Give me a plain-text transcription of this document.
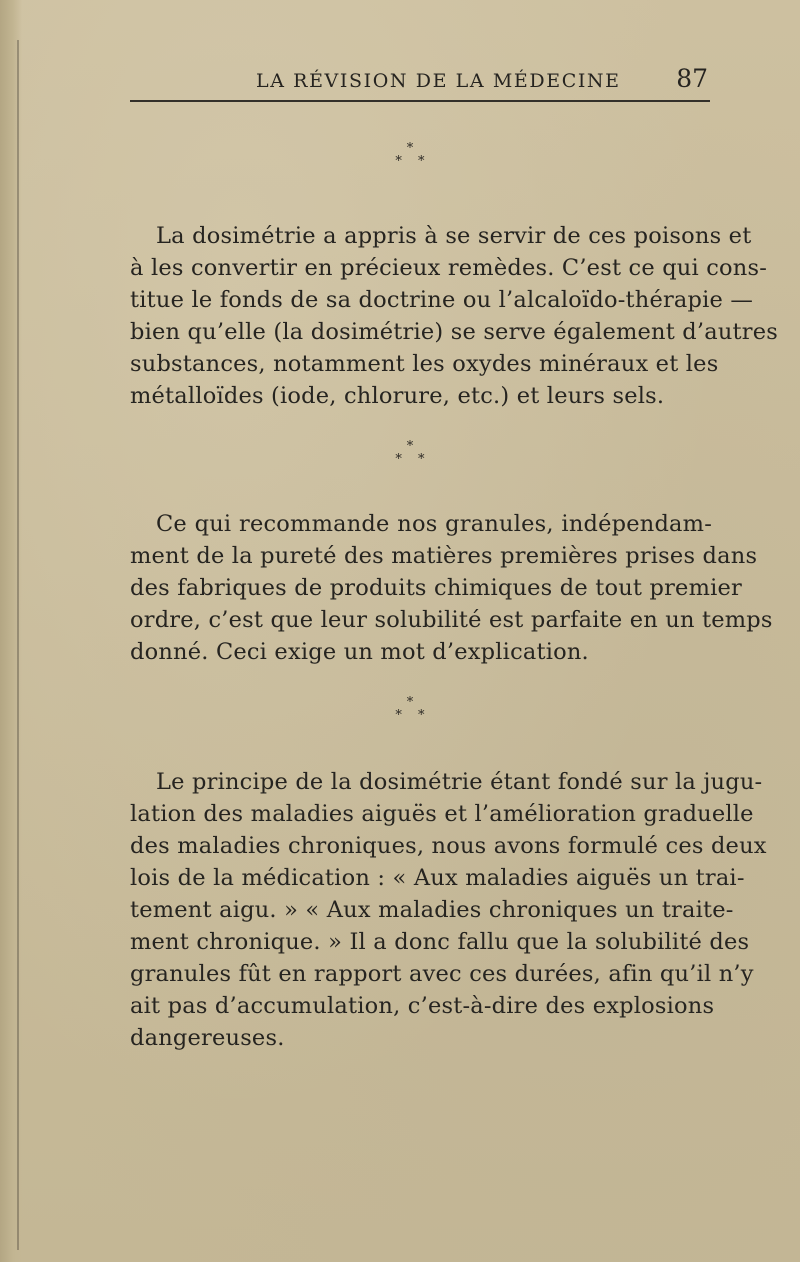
LA RÉVISION DE LA MÉDECINE 87
*
* *
La dosimétrie a appris à se servir de ces poisons et
à les convertir en précieux remèdes. C’est ce qui cons-
titue le fonds de sa doctrine ou l’alcaloïdo-thérapie —
bien qu’elle (la dosimétrie) se serve également d’autres
substances, notamment les oxydes minéraux et les
métalloïdes (iode, chlorure, etc.) et leurs sels.
*
* *
Ce qui recommande nos granules, indépendam-
ment de la pureté des matières premières prises dans
des fabriques de produits chimiques de tout premier
ordre, c’est que leur solubilité est parfaite en un temps
donné. Ceci exige un mot d’explication.
*
* *
Le principe de la dosimétrie étant fondé sur la jugu-
lation des maladies aiguës et l’amélioration graduelle
des maladies chroniques, nous avons formulé ces deux
lois de la médication : « Aux maladies aiguës un trai-
tement aigu. » « Aux maladies chroniques un traite-
ment chronique. » Il a donc fallu que la solubilité des
granules fût en rapport avec ces durées, afin qu’il n’y
ait pas d’accumulation, c’est-à-dire des explosions
dangereuses.
